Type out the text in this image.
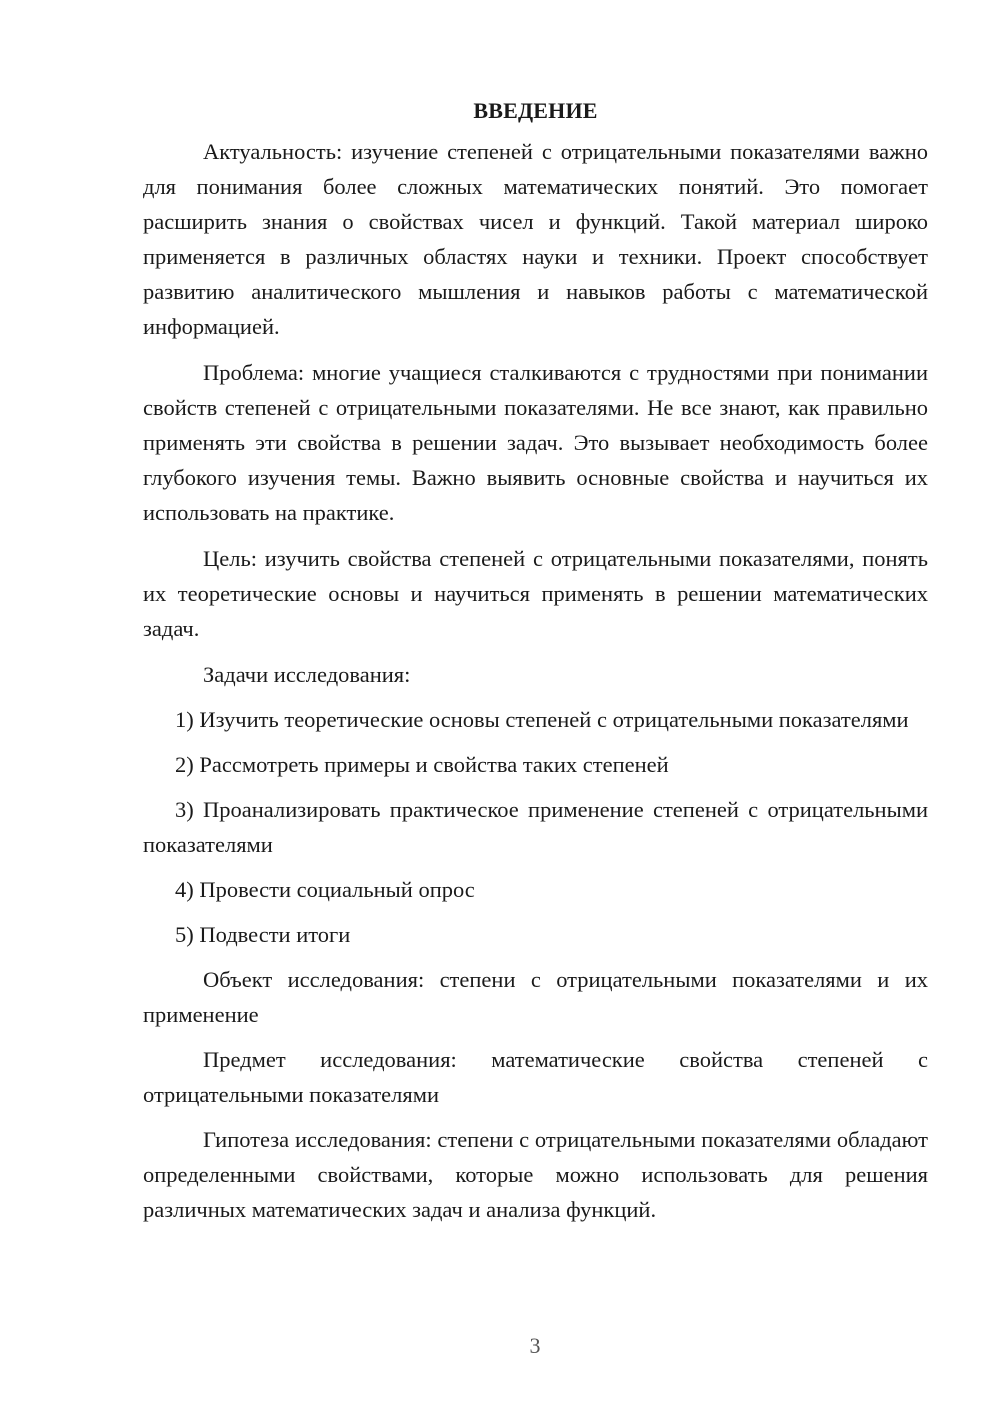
ВВЕДЕНИЕ

Актуальность: изучение степеней с отрицательными показателями важно для понимания более сложных математических понятий. Это помогает расширить знания о свойствах чисел и функций. Такой материал широко применяется в различных областях науки и техники. Проект способствует развитию аналитического мышления и навыков работы с математической информацией.

Проблема: многие учащиеся сталкиваются с трудностями при понимании свойств степеней с отрицательными показателями. Не все знают, как правильно применять эти свойства в решении задач. Это вызывает необходимость более глубокого изучения темы. Важно выявить основные свойства и научиться их использовать на практике.

Цель: изучить свойства степеней с отрицательными показателями, понять их теоретические основы и научиться применять в решении математических задач.

Задачи исследования:

1) Изучить теоретические основы степеней с отрицательными показателями

2) Рассмотреть примеры и свойства таких степеней

3) Проанализировать практическое применение степеней с отрицательными показателями

4) Провести социальный опрос

5) Подвести итоги

Объект исследования: степени с отрицательными показателями и их применение

Предмет исследования: математические свойства степеней с отрицательными показателями

Гипотеза исследования: степени с отрицательными показателями обладают определенными свойствами, которые можно использовать для решения различных математических задач и анализа функций.

3
